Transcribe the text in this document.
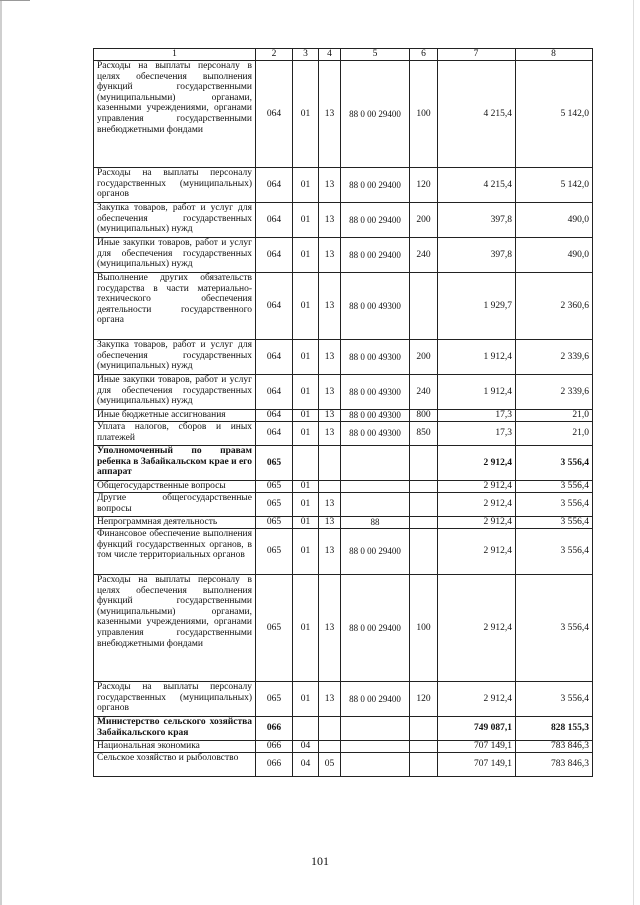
1	2	3	4	5	6	7	8
Расходы на выплаты персоналу в целях обеспечения выполнения функций государственными (муниципальными) органами, казенными учреждениями, органами управления государственными внебюджетными фондами	064	01	13	88 0 00 29400	100	4 215,4	5 142,0
Расходы на выплаты персоналу государственных (муниципальных) органов	064	01	13	88 0 00 29400	120	4 215,4	5 142,0
Закупка товаров, работ и услуг для обеспечения государственных (муниципальных) нужд	064	01	13	88 0 00 29400	200	397,8	490,0
Иные закупки товаров, работ и услуг для обеспечения государственных (муниципальных) нужд	064	01	13	88 0 00 29400	240	397,8	490,0
Выполнение других обязательств государства в части материально-технического обеспечения деятельности государственного органа	064	01	13	88 0 00 49300		1 929,7	2 360,6
Закупка товаров, работ и услуг для обеспечения государственных (муниципальных) нужд	064	01	13	88 0 00 49300	200	1 912,4	2 339,6
Иные закупки товаров, работ и услуг для обеспечения государственных (муниципальных) нужд	064	01	13	88 0 00 49300	240	1 912,4	2 339,6
Иные бюджетные ассигнования	064	01	13	88 0 00 49300	800	17,3	21,0
Уплата налогов, сборов и иных платежей	064	01	13	88 0 00 49300	850	17,3	21,0
Уполномоченный по правам ребенка в Забайкальском крае и его аппарат	065					2 912,4	3 556,4
Общегосударственные вопросы	065	01				2 912,4	3 556,4
Другие общегосударственные вопросы	065	01	13			2 912,4	3 556,4
Непрограммная деятельность	065	01	13	88		2 912,4	3 556,4
Финансовое обеспечение выполнения функций государственных органов, в том числе территориальных органов	065	01	13	88 0 00 29400		2 912,4	3 556,4
Расходы на выплаты персоналу в целях обеспечения выполнения функций государственными (муниципальными) органами, казенными учреждениями, органами управления государственными внебюджетными фондами	065	01	13	88 0 00 29400	100	2 912,4	3 556,4
Расходы на выплаты персоналу государственных (муниципальных) органов	065	01	13	88 0 00 29400	120	2 912,4	3 556,4
Министерство сельского хозяйства Забайкальского края	066					749 087,1	828 155,3
Национальная экономика	066	04				707 149,1	783 846,3
Сельское хозяйство и рыболовство	066	04	05			707 149,1	783 846,3
101
